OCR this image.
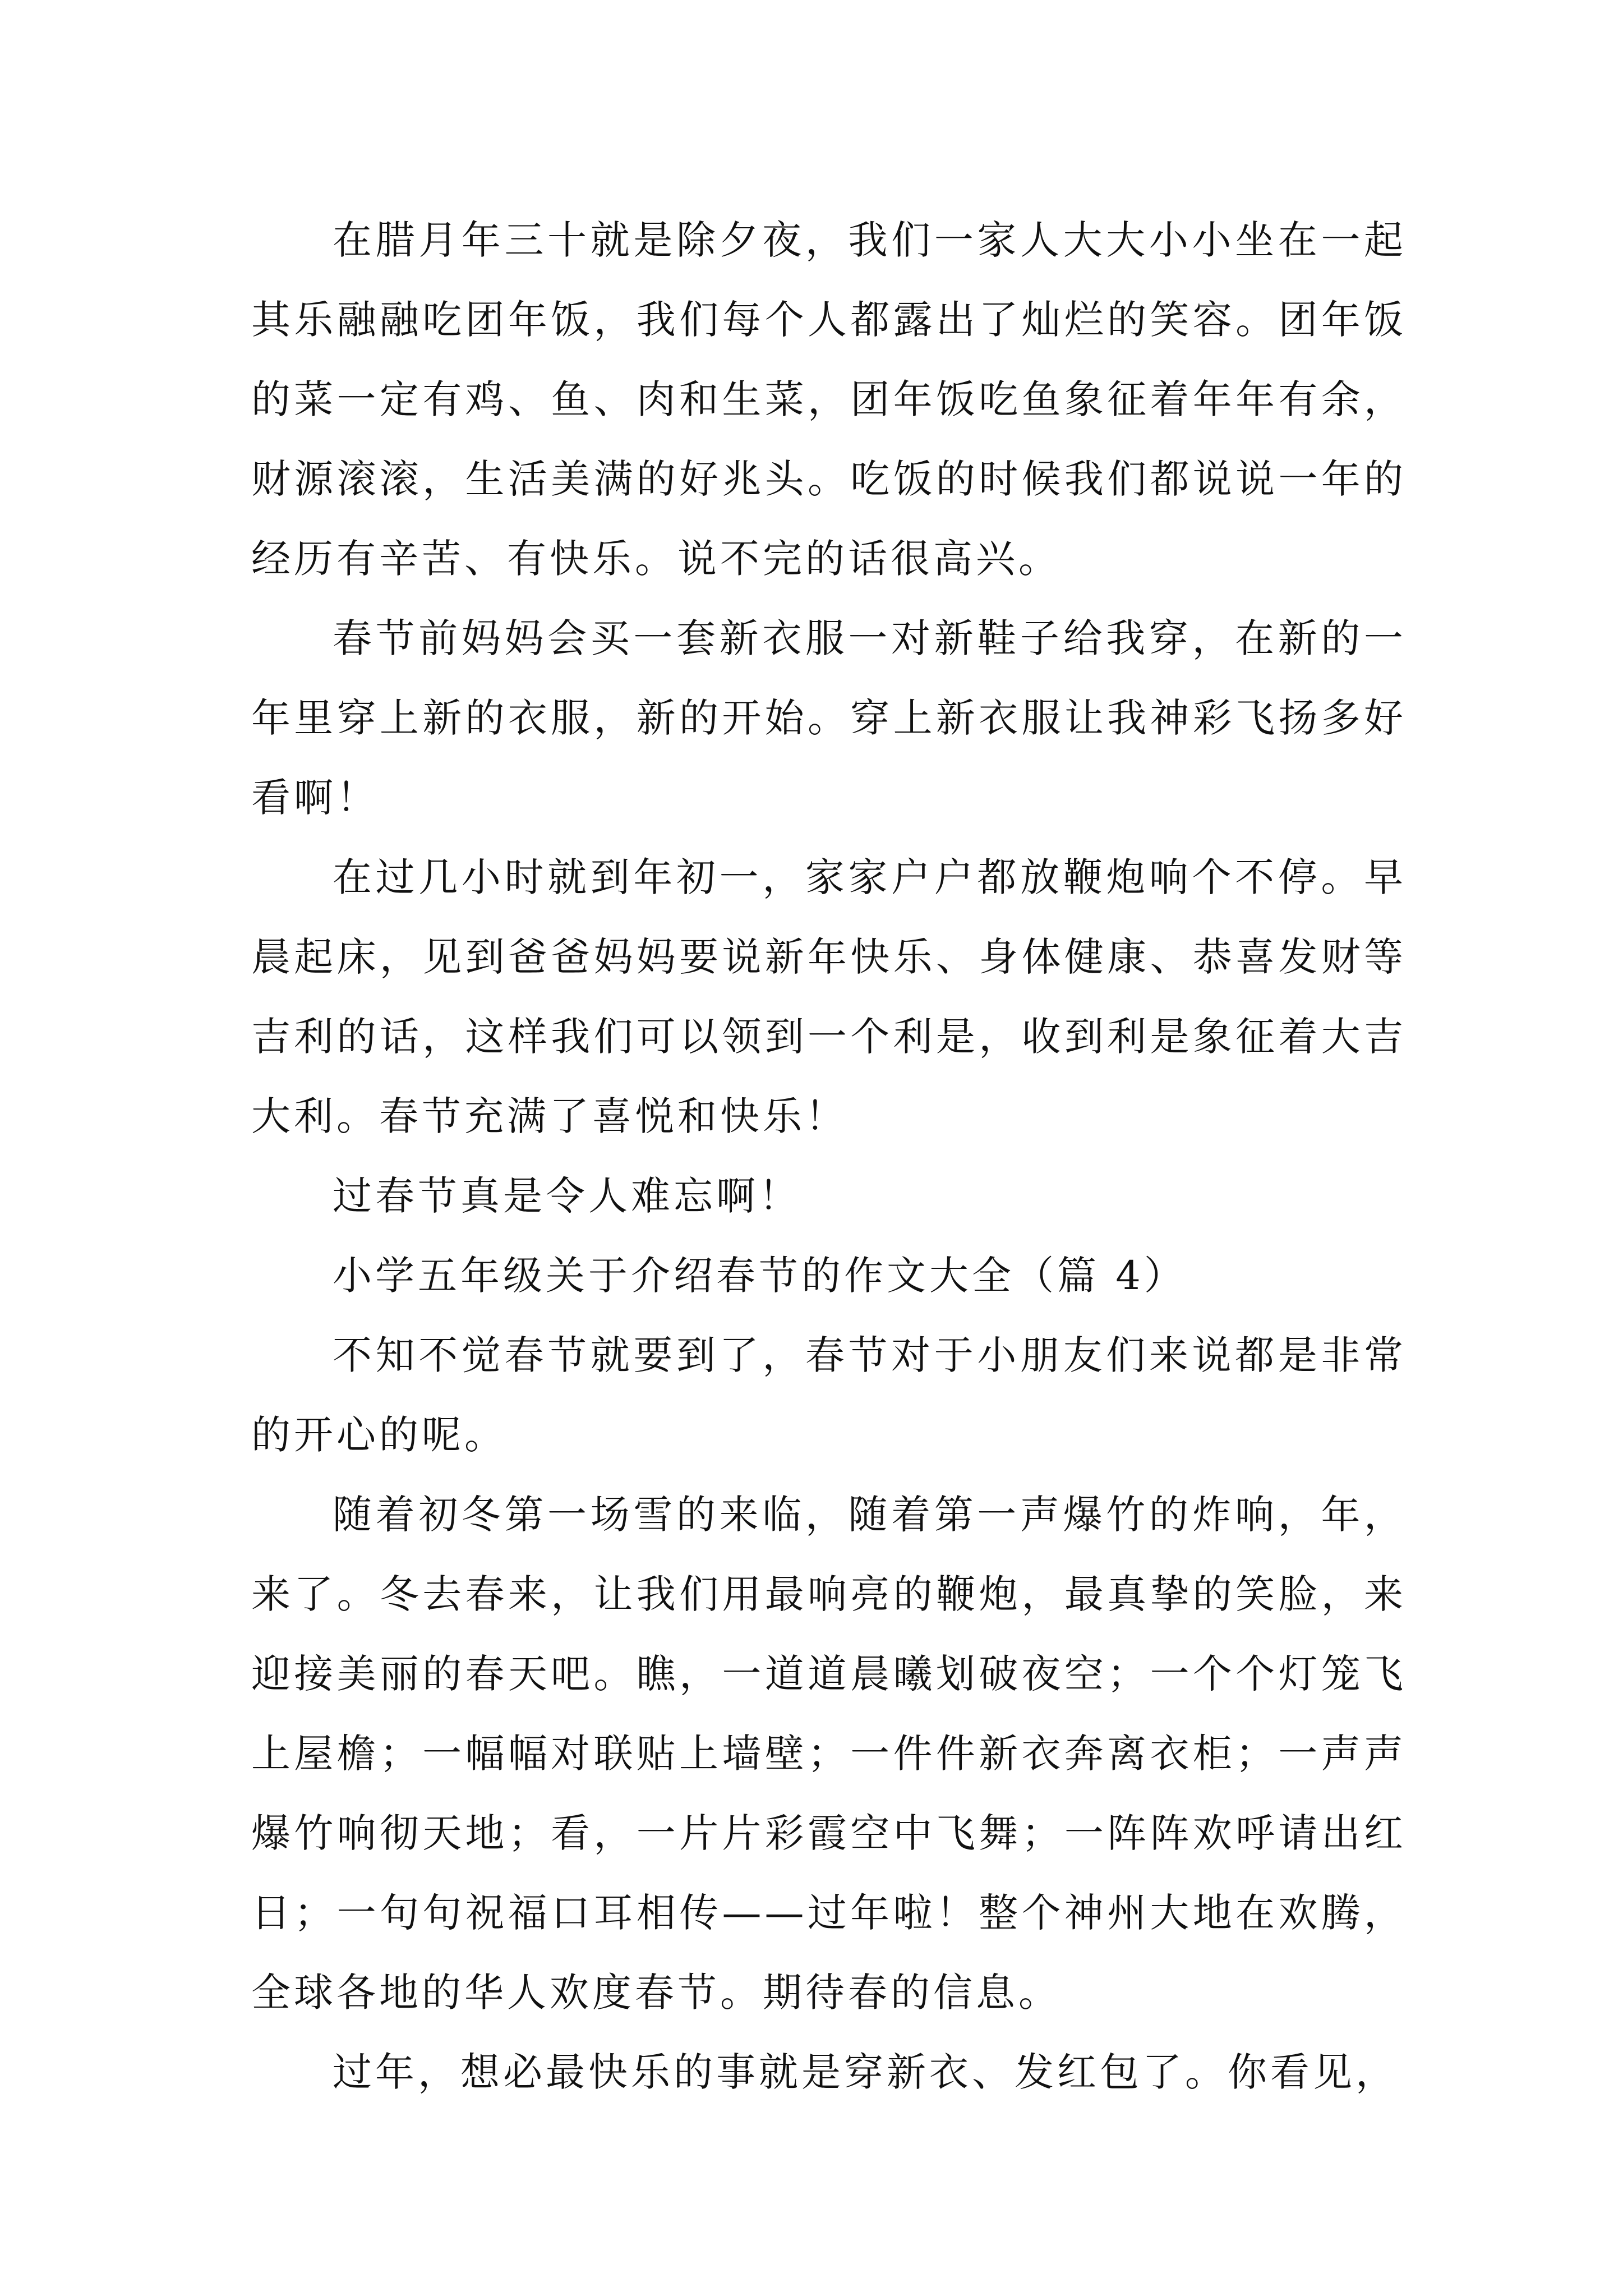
在腊月年三十就是除夕夜，我们一家人大大小小坐在一起其乐融融吃团年饭，我们每个人都露出了灿烂的笑容。团年饭的菜一定有鸡、鱼、肉和生菜，团年饭吃鱼象征着年年有余，财源滚滚，生活美满的好兆头。吃饭的时候我们都说说一年的经历有辛苦、有快乐。说不完的话很高兴。

春节前妈妈会买一套新衣服一对新鞋子给我穿，在新的一年里穿上新的衣服，新的开始。穿上新衣服让我神彩飞扬多好看啊！

在过几小时就到年初一，家家户户都放鞭炮响个不停。早晨起床，见到爸爸妈妈要说新年快乐、身体健康、恭喜发财等吉利的话，这样我们可以领到一个利是，收到利是象征着大吉大利。春节充满了喜悦和快乐！

过春节真是令人难忘啊！

小学五年级关于介绍春节的作文大全（篇 4）

不知不觉春节就要到了，春节对于小朋友们来说都是非常的开心的呢。

随着初冬第一场雪的来临，随着第一声爆竹的炸响，年，来了。冬去春来，让我们用最响亮的鞭炮，最真挚的笑脸，来迎接美丽的春天吧。瞧，一道道晨曦划破夜空；一个个灯笼飞上屋檐；一幅幅对联贴上墙壁；一件件新衣奔离衣柜；一声声爆竹响彻天地；看，一片片彩霞空中飞舞；一阵阵欢呼请出红日；一句句祝福口耳相传——过年啦！整个神州大地在欢腾，全球各地的华人欢度春节。期待春的信息。

过年，想必最快乐的事就是穿新衣、发红包了。你看见，
